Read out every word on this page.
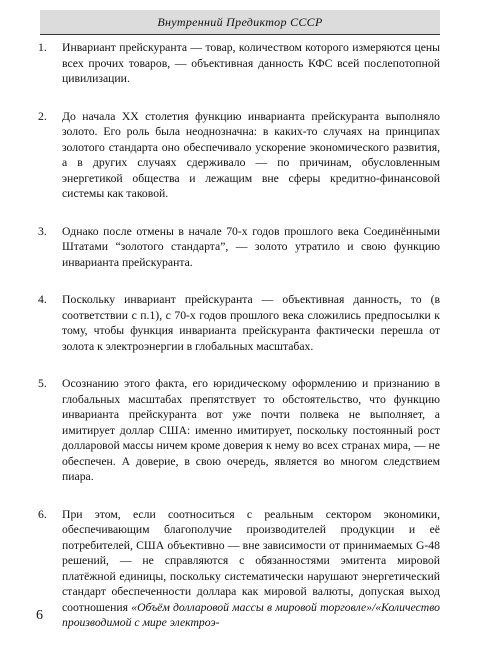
Внутренний Предиктор СССР
1. Инвариант прейскуранта — товар, количеством которого измеряются цены всех прочих товаров, — объективная данность КФС всей послепотопной цивилизации.
2. До начала XX столетия функцию инварианта прейскуранта выполняло золото. Его роль была неоднозначна: в каких-то случаях на принципах золотого стандарта оно обеспечивало ускорение экономического развития, а в других случаях сдерживало — по причинам, обусловленным энергетикой общества и лежащим вне сферы кредитно-финансовой системы как таковой.
3. Однако после отмены в начале 70-х годов прошлого века Соединёнными Штатами “золотого стандарта”, — золото утратило и свою функцию инварианта прейскуранта.
4. Поскольку инвариант прейскуранта — объективная данность, то (в соответствии с п.1), с 70-х годов прошлого века сложились предпосылки к тому, чтобы функция инварианта прейскуранта фактически перешла от золота к электроэнергии в глобальных масштабах.
5. Осознанию этого факта, его юридическому оформлению и признанию в глобальных масштабах препятствует то обстоятельство, что функцию инварианта прейскуранта вот уже почти полвека не выполняет, а имитирует доллар США: именно имитирует, поскольку постоянный рост долларовой массы ничем кроме доверия к нему во всех странах мира, — не обеспечен. А доверие, в свою очередь, является во многом следствием пиара.
6. При этом, если соотноситься с реальным сектором экономики, обеспечивающим благополучие производителей продукции и её потребителей, США объективно — вне зависимости от принимаемых G-48 решений, — не справляются с обязанностями эмитента мировой платёжной единицы, поскольку систематически нарушают энергетический стандарт обеспеченности доллара как мировой валюты, допуская выход соотношения «Объём долларовой массы в мировой торговле»/«Количество производимой с мире электроэ-
6
